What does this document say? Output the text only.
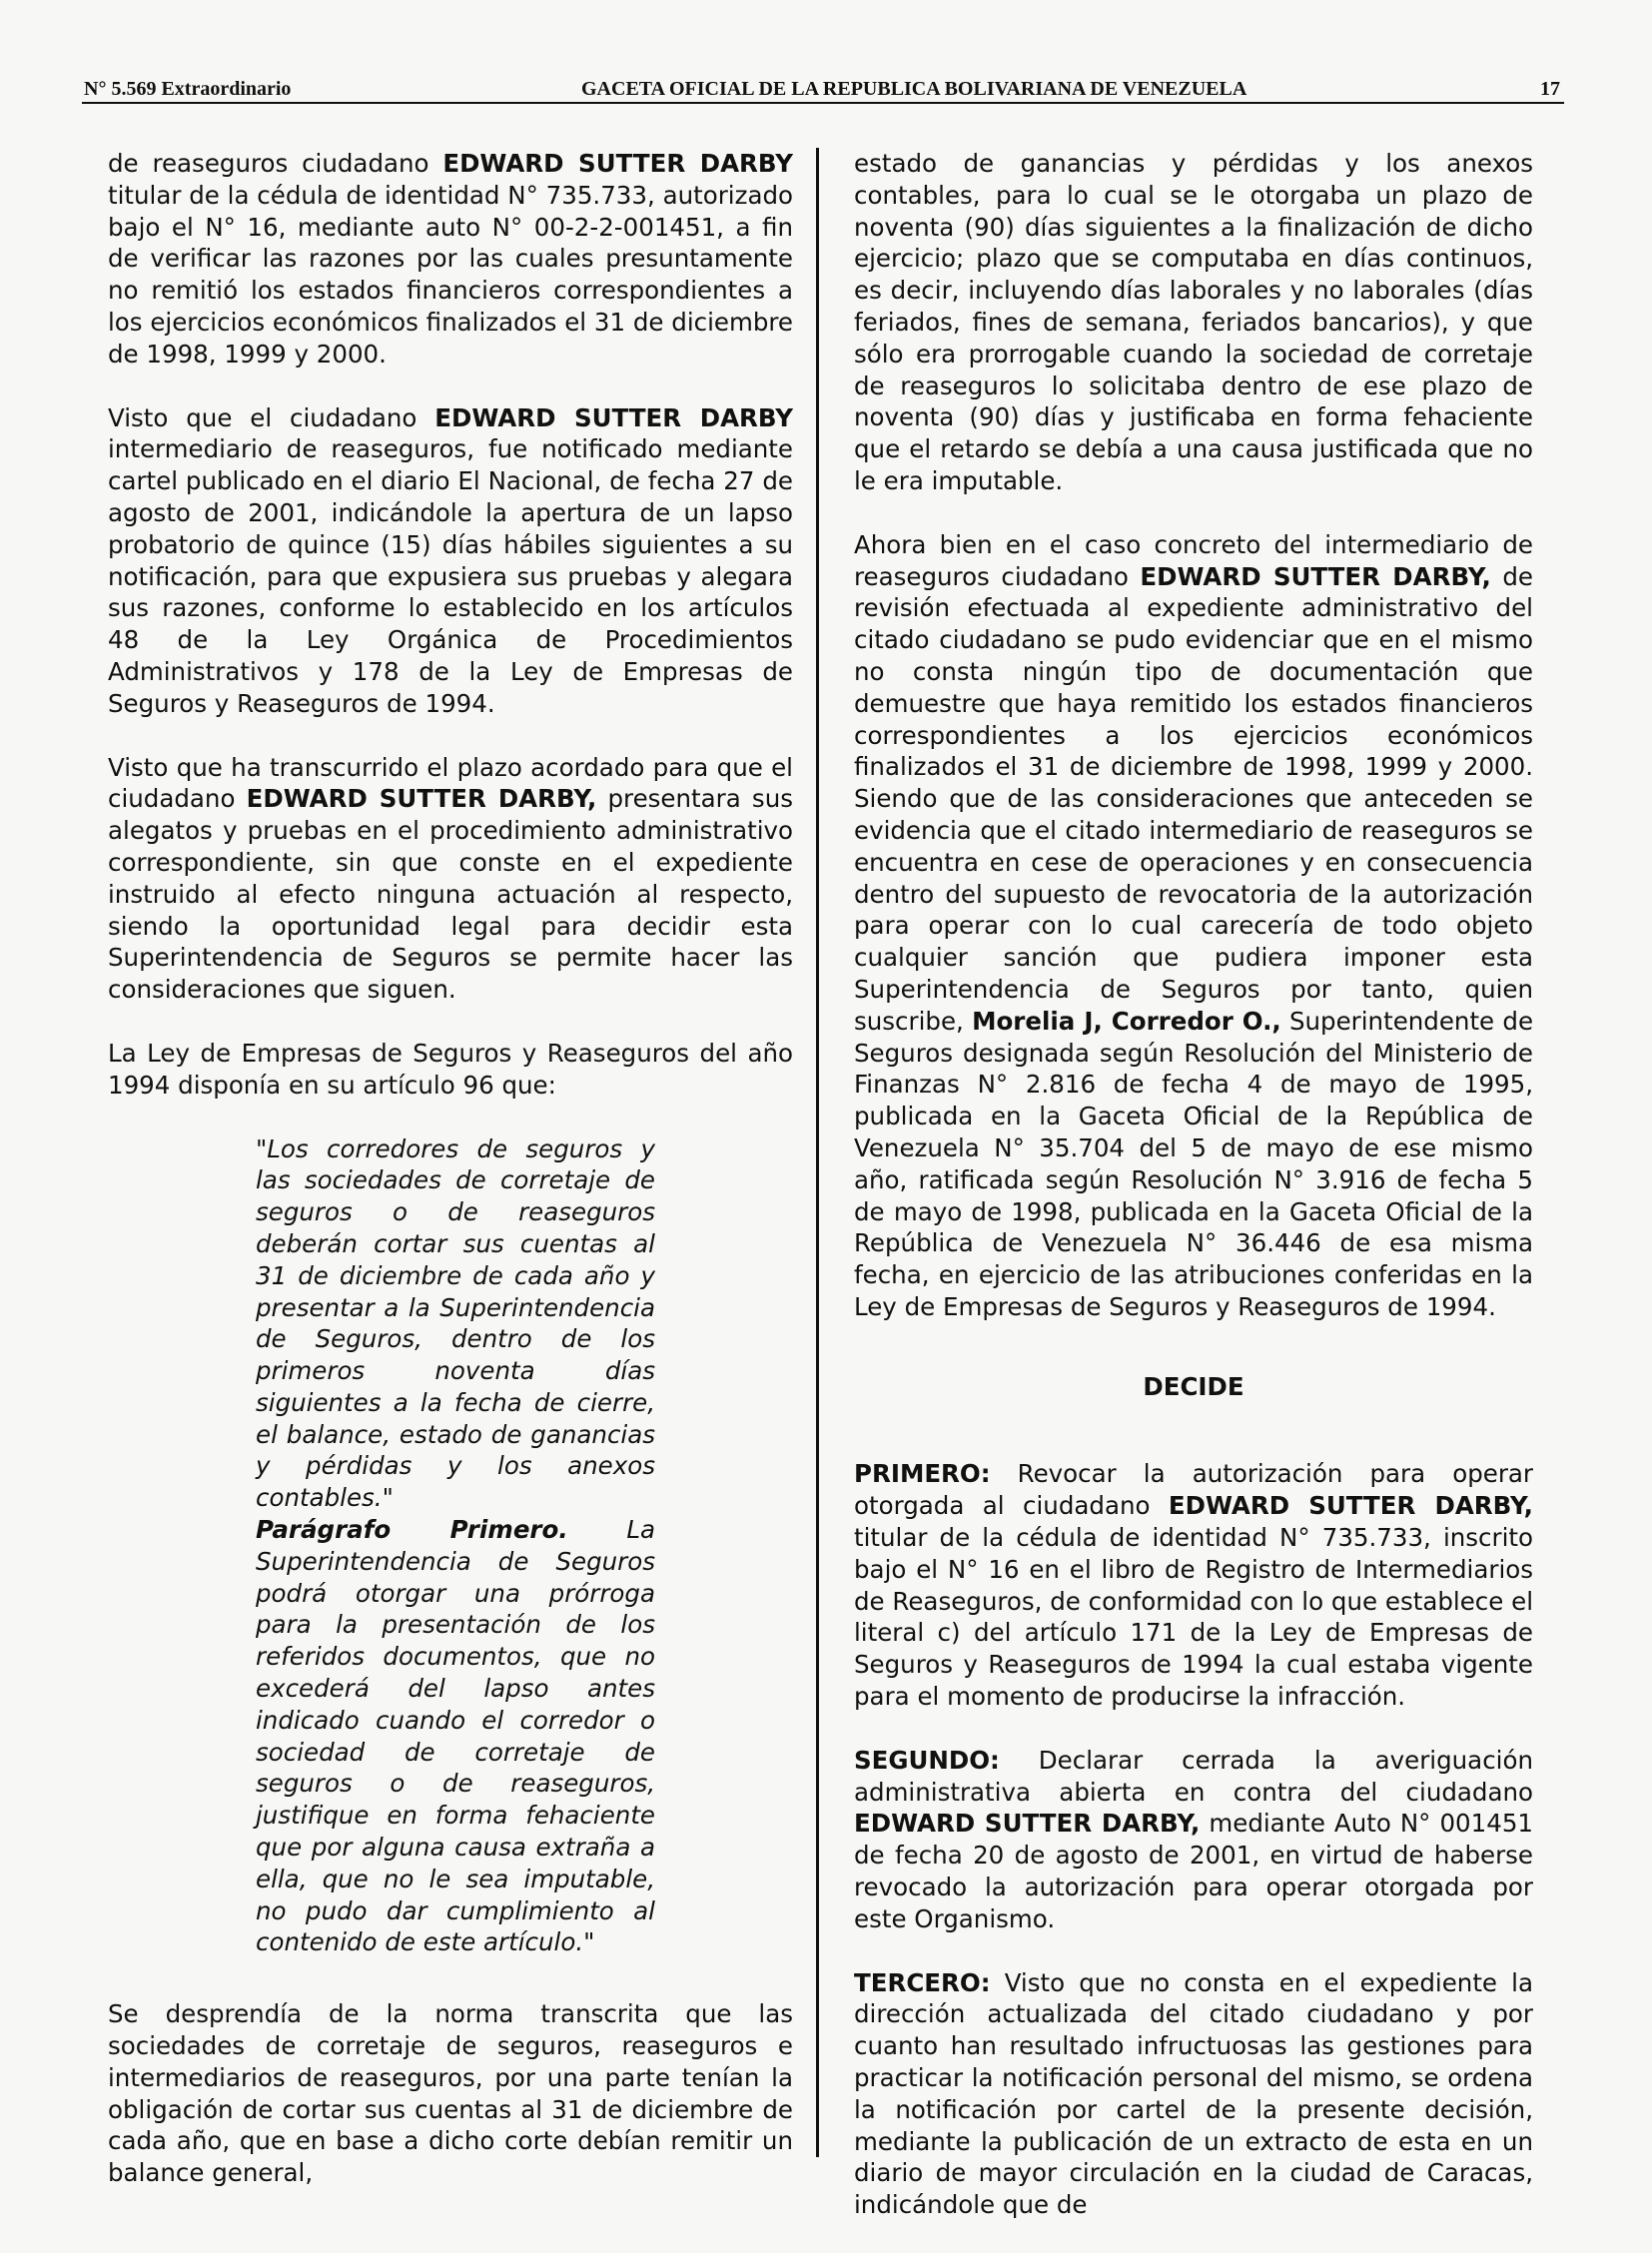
N° 5.569 Extraordinario	GACETA OFICIAL DE LA REPUBLICA BOLIVARIANA DE VENEZUELA	17

de reaseguros ciudadano EDWARD SUTTER DARBY titular de la cédula de identidad N° 735.733, autorizado bajo el N° 16, mediante auto N° 00-2-2-001451, a fin de verificar las razones por las cuales presuntamente no remitió los estados financieros correspondientes a los ejercicios económicos finalizados el 31 de diciembre de 1998, 1999 y 2000.

Visto que el ciudadano EDWARD SUTTER DARBY intermediario de reaseguros, fue notificado mediante cartel publicado en el diario El Nacional, de fecha 27 de agosto de 2001, indicándole la apertura de un lapso probatorio de quince (15) días hábiles siguientes a su notificación, para que expusiera sus pruebas y alegara sus razones, conforme lo establecido en los artículos 48 de la Ley Orgánica de Procedimientos Administrativos y 178 de la Ley de Empresas de Seguros y Reaseguros de 1994.

Visto que ha transcurrido el plazo acordado para que el ciudadano EDWARD SUTTER DARBY, presentara sus alegatos y pruebas en el procedimiento administrativo correspondiente, sin que conste en el expediente instruido al efecto ninguna actuación al respecto, siendo la oportunidad legal para decidir esta Superintendencia de Seguros se permite hacer las consideraciones que siguen.

La Ley de Empresas de Seguros y Reaseguros del año 1994 disponía en su artículo 96 que:

"Los corredores de seguros y las sociedades de corretaje de seguros o de reaseguros deberán cortar sus cuentas al 31 de diciembre de cada año y presentar a la Superintendencia de Seguros, dentro de los primeros noventa días siguientes a la fecha de cierre, el balance, estado de ganancias y pérdidas y los anexos contables."

Parágrafo Primero. La Superintendencia de Seguros podrá otorgar una prórroga para la presentación de los referidos documentos, que no excederá del lapso antes indicado cuando el corredor o sociedad de corretaje de seguros o de reaseguros, justifique en forma fehaciente que por alguna causa extraña a ella, que no le sea imputable, no pudo dar cumplimiento al contenido de este artículo."

Se desprendía de la norma transcrita que las sociedades de corretaje de seguros, reaseguros e intermediarios de reaseguros, por una parte tenían la obligación de cortar sus cuentas al 31 de diciembre de cada año, que en base a dicho corte debían remitir un balance general,

estado de ganancias y pérdidas y los anexos contables, para lo cual se le otorgaba un plazo de noventa (90) días siguientes a la finalización de dicho ejercicio; plazo que se computaba en días continuos, es decir, incluyendo días laborales y no laborales (días feriados, fines de semana, feriados bancarios), y que sólo era prorrogable cuando la sociedad de corretaje de reaseguros lo solicitaba dentro de ese plazo de noventa (90) días y justificaba en forma fehaciente que el retardo se debía a una causa justificada que no le era imputable.

Ahora bien en el caso concreto del intermediario de reaseguros ciudadano EDWARD SUTTER DARBY, de revisión efectuada al expediente administrativo del citado ciudadano se pudo evidenciar que en el mismo no consta ningún tipo de documentación que demuestre que haya remitido los estados financieros correspondientes a los ejercicios económicos finalizados el 31 de diciembre de 1998, 1999 y 2000. Siendo que de las consideraciones que anteceden se evidencia que el citado intermediario de reaseguros se encuentra en cese de operaciones y en consecuencia dentro del supuesto de revocatoria de la autorización para operar con lo cual carecería de todo objeto cualquier sanción que pudiera imponer esta Superintendencia de Seguros por tanto, quien suscribe, Morelia J, Corredor O., Superintendente de Seguros designada según Resolución del Ministerio de Finanzas N° 2.816 de fecha 4 de mayo de 1995, publicada en la Gaceta Oficial de la República de Venezuela N° 35.704 del 5 de mayo de ese mismo año, ratificada según Resolución N° 3.916 de fecha 5 de mayo de 1998, publicada en la Gaceta Oficial de la República de Venezuela N° 36.446 de esa misma fecha, en ejercicio de las atribuciones conferidas en la Ley de Empresas de Seguros y Reaseguros de 1994.

DECIDE

PRIMERO: Revocar la autorización para operar otorgada al ciudadano EDWARD SUTTER DARBY, titular de la cédula de identidad N° 735.733, inscrito bajo el N° 16 en el libro de Registro de Intermediarios de Reaseguros, de conformidad con lo que establece el literal c) del artículo 171 de la Ley de Empresas de Seguros y Reaseguros de 1994 la cual estaba vigente para el momento de producirse la infracción.

SEGUNDO: Declarar cerrada la averiguación administrativa abierta en contra del ciudadano EDWARD SUTTER DARBY, mediante Auto N° 001451 de fecha 20 de agosto de 2001, en virtud de haberse revocado la autorización para operar otorgada por este Organismo.

TERCERO: Visto que no consta en el expediente la dirección actualizada del citado ciudadano y por cuanto han resultado infructuosas las gestiones para practicar la notificación personal del mismo, se ordena la notificación por cartel de la presente decisión, mediante la publicación de un extracto de esta en un diario de mayor circulación en la ciudad de Caracas, indicándole que de
